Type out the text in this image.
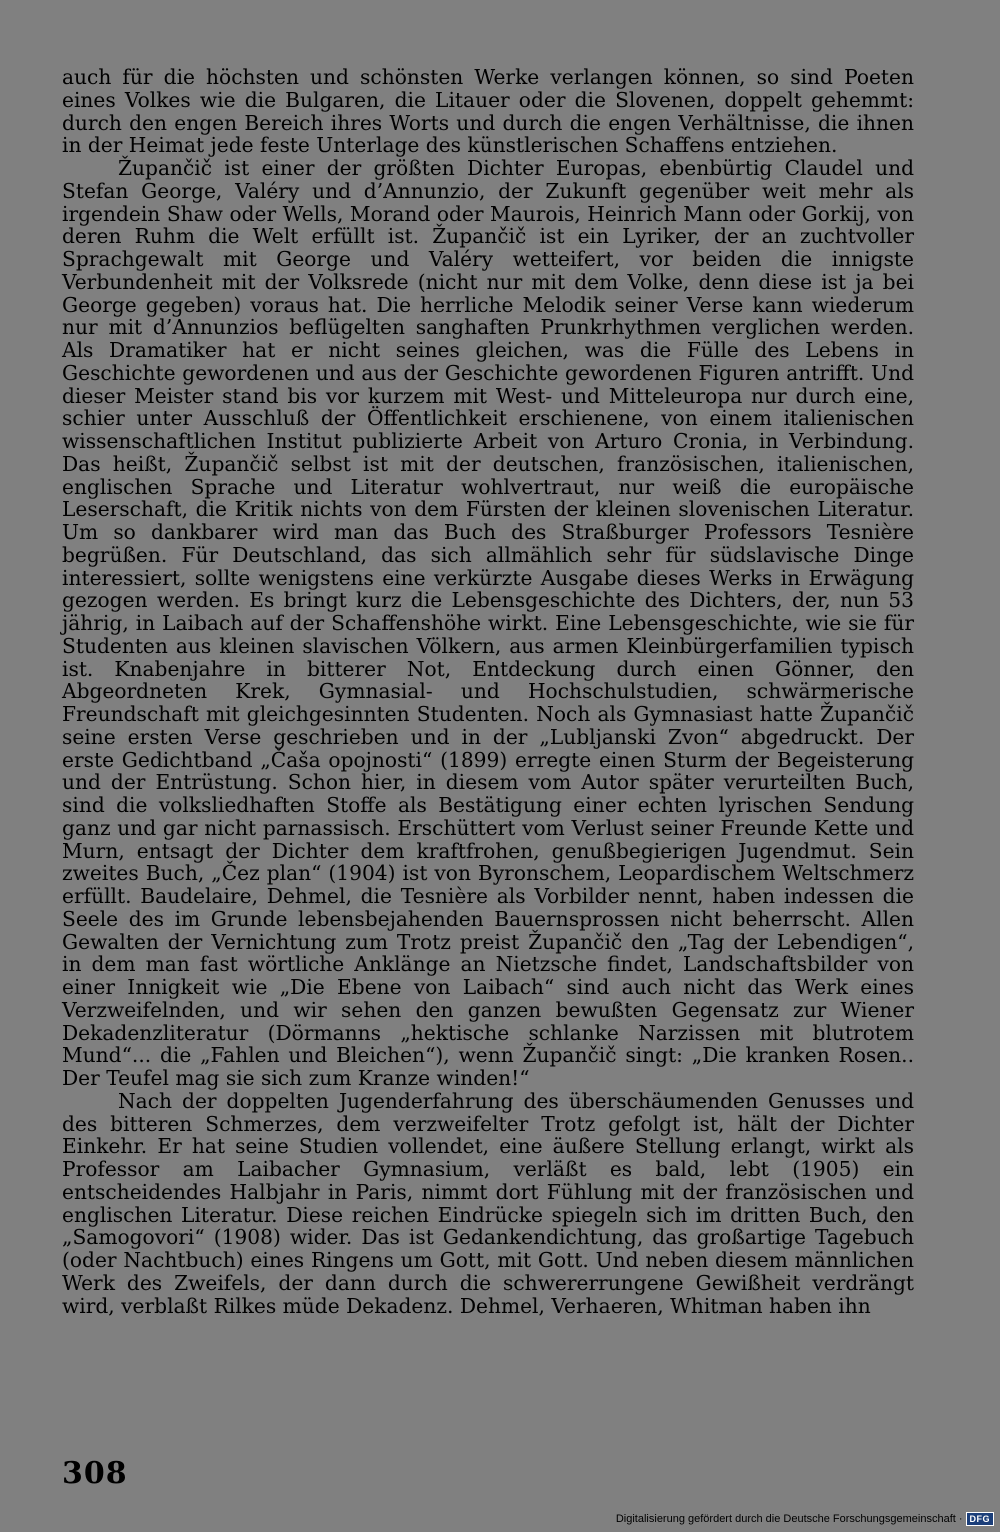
auch für die höchsten und schönsten Werke verlangen können, so sind Poeten eines Volkes wie die Bulgaren, die Litauer oder die Slovenen, doppelt gehemmt: durch den engen Bereich ihres Worts und durch die engen Verhältnisse, die ihnen in der Heimat jede feste Unterlage des künstlerischen Schaffens entziehen.

Župančič ist einer der größten Dichter Europas, ebenbürtig Claudel und Stefan George, Valéry und d’Annunzio, der Zukunft gegenüber weit mehr als irgendein Shaw oder Wells, Morand oder Maurois, Heinrich Mann oder Gorkij, von deren Ruhm die Welt erfüllt ist. Župančič ist ein Lyriker, der an zuchtvoller Sprachgewalt mit George und Valéry wetteifert, vor beiden die innigste Verbundenheit mit der Volksrede (nicht nur mit dem Volke, denn diese ist ja bei George gegeben) voraus hat. Die herrliche Melodik seiner Verse kann wiederum nur mit d’Annunzios beflügelten sanghaften Prunkrhythmen verglichen werden. Als Dramatiker hat er nicht seines gleichen, was die Fülle des Lebens in Geschichte gewordenen und aus der Geschichte gewordenen Figuren antrifft. Und dieser Meister stand bis vor kurzem mit West- und Mitteleuropa nur durch eine, schier unter Ausschluß der Öffentlichkeit erschienene, von einem italienischen wissenschaftlichen Institut publizierte Arbeit von Arturo Cronia, in Verbindung. Das heißt, Župančič selbst ist mit der deutschen, französischen, italienischen, englischen Sprache und Literatur wohlvertraut, nur weiß die europäische Leserschaft, die Kritik nichts von dem Fürsten der kleinen slovenischen Literatur. Um so dankbarer wird man das Buch des Straßburger Professors Tesnière begrüßen. Für Deutschland, das sich allmählich sehr für südslavische Dinge interessiert, sollte wenigstens eine verkürzte Ausgabe dieses Werks in Erwägung gezogen werden. Es bringt kurz die Lebensgeschichte des Dichters, der, nun 53 jährig, in Laibach auf der Schaffenshöhe wirkt. Eine Lebensgeschichte, wie sie für Studenten aus kleinen slavischen Völkern, aus armen Kleinbürgerfamilien typisch ist. Knabenjahre in bitterer Not, Entdeckung durch einen Gönner, den Abgeordneten Krek, Gymnasial- und Hochschulstudien, schwärmerische Freundschaft mit gleichgesinnten Studenten. Noch als Gymnasiast hatte Župančič seine ersten Verse geschrieben und in der „Lubljanski Zvon“ abgedruckt. Der erste Gedichtband „Čaša opojnosti“ (1899) erregte einen Sturm der Begeisterung und der Entrüstung. Schon hier, in diesem vom Autor später verurteilten Buch, sind die volksliedhaften Stoffe als Bestätigung einer echten lyrischen Sendung ganz und gar nicht parnassisch. Erschüttert vom Verlust seiner Freunde Kette und Murn, entsagt der Dichter dem kraftfrohen, genußbegierigen Jugendmut. Sein zweites Buch, „Čez plan“ (1904) ist von Byronschem, Leopardischem Weltschmerz erfüllt. Baudelaire, Dehmel, die Tesnière als Vorbilder nennt, haben indessen die Seele des im Grunde lebensbejahenden Bauernsprossen nicht beherrscht. Allen Gewalten der Vernichtung zum Trotz preist Župančič den „Tag der Lebendigen“, in dem man fast wörtliche Anklänge an Nietzsche findet, Landschaftsbilder von einer Innigkeit wie „Die Ebene von Laibach“ sind auch nicht das Werk eines Verzweifelnden, und wir sehen den ganzen bewußten Gegensatz zur Wiener Dekadenzliteratur (Dörmanns „hektische schlanke Narzissen mit blutrotem Mund“... die „Fahlen und Bleichen“), wenn Župančič singt: „Die kranken Rosen.. Der Teufel mag sie sich zum Kranze winden!“

Nach der doppelten Jugenderfahrung des überschäumenden Genusses und des bitteren Schmerzes, dem verzweifelter Trotz gefolgt ist, hält der Dichter Einkehr. Er hat seine Studien vollendet, eine äußere Stellung erlangt, wirkt als Professor am Laibacher Gymnasium, verläßt es bald, lebt (1905) ein entscheidendes Halbjahr in Paris, nimmt dort Fühlung mit der französischen und englischen Literatur. Diese reichen Eindrücke spiegeln sich im dritten Buch, den „Samogovori“ (1908) wider. Das ist Gedankendichtung, das großartige Tagebuch (oder Nachtbuch) eines Ringens um Gott, mit Gott. Und neben diesem männlichen Werk des Zweifels, der dann durch die schwererrungene Gewißheit verdrängt wird, verblaßt Rilkes müde Dekadenz. Dehmel, Verhaeren, Whitman haben ihn

308
Digitalisierung gefördert durch die Deutsche Forschungsgemeinschaft · DFG
